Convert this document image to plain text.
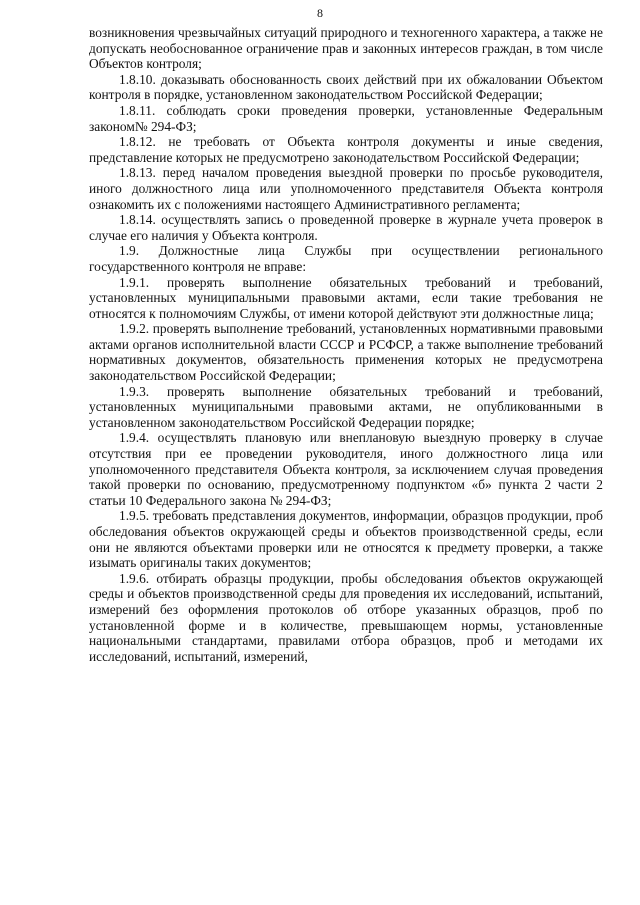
8

возникновения чрезвычайных ситуаций природного и техногенного характера, а также не допускать необоснованное ограничение прав и законных интересов граждан, в том числе Объектов контроля;

1.8.10. доказывать обоснованность своих действий при их обжаловании Объектом контроля в порядке, установленном законодательством Российской Федерации;

1.8.11. соблюдать сроки проведения проверки, установленные Федеральным законом№ 294-ФЗ;

1.8.12. не требовать от Объекта контроля документы и иные сведения, представление которых не предусмотрено законодательством Российской Федерации;

1.8.13. перед началом проведения выездной проверки по просьбе руководителя, иного должностного лица или уполномоченного представителя Объекта контроля ознакомить их с положениями настоящего Административного регламента;

1.8.14. осуществлять запись о проведенной проверке в журнале учета проверок в случае его наличия у Объекта контроля.

1.9. Должностные лица Службы при осуществлении регионального государственного контроля не вправе:

1.9.1. проверять выполнение обязательных требований и требований, установленных муниципальными правовыми актами, если такие требования не относятся к полномочиям Службы, от имени которой действуют эти должностные лица;

1.9.2. проверять выполнение требований, установленных нормативными правовыми актами органов исполнительной власти СССР и РСФСР, а также выполнение требований нормативных документов, обязательность применения которых не предусмотрена законодательством Российской Федерации;

1.9.3. проверять выполнение обязательных требований и требований, установленных муниципальными правовыми актами, не опубликованными в установленном законодательством Российской Федерации порядке;

1.9.4. осуществлять плановую или внеплановую выездную проверку в случае отсутствия при ее проведении руководителя, иного должностного лица или уполномоченного представителя Объекта контроля, за исключением случая проведения такой проверки по основанию, предусмотренному подпунктом «б» пункта 2 части 2 статьи 10 Федерального закона № 294-ФЗ;

1.9.5. требовать представления документов, информации, образцов продукции, проб обследования объектов окружающей среды и объектов производственной среды, если они не являются объектами проверки или не относятся к предмету проверки, а также изымать оригиналы таких документов;

1.9.6. отбирать образцы продукции, пробы обследования объектов окружающей среды и объектов производственной среды для проведения их исследований, испытаний, измерений без оформления протоколов об отборе указанных образцов, проб по установленной форме и в количестве, превышающем нормы, установленные национальными стандартами, правилами отбора образцов, проб и методами их исследований, испытаний, измерений,
